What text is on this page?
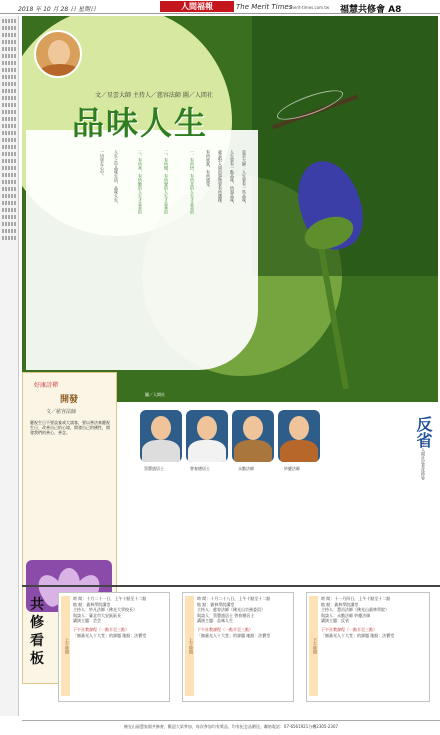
2018 年 10 月 28 日 星期日	人間福報	The Merit Times
merit-times.com.tw 福慧共修會 A8
文／星雲大師 主持人／慈容法師 圖／人間社
品味人生
圖／人間社
星雲大師：人生要有一些品味，
人生要有一點品味，所謂品味，
就是對人間的事物要有所選擇、
有所欣賞，有所感受。
一、有所悟，有所喜的人生才是美的
二、有所聞，有所覺的人生才是善的
三、有所善，有所勤的人生才是真的
人生之中品味生活，品味人生，
一切皆在心中。
好康詩禪
開發
文／慈容法師
慶祝生日不要設宴或大請客，要以善法來慶祝生日，改善自己的心境，開發自己的佛性，開發我們的善心、善念。
蔡豐盛居士	曾春德居士	永勤法師	妙慶法師
反省
文／人間社記者沈仲容
共
修
看
板
上午時間
時 間：十月二十一日，上午十點至十二點
地 點：叢林學院講堂
主持人：妙凡法師（佛光大學校長）
與談人：臺北市大安區區長
講演主題：芸芸
下午社教課程（一點半至三點）
「無量光人十大堂」的課題 地點：法寶堂
上午時間
時 間：十月二十八日，上午十點至十二點
地 點：叢林學院講堂
主持人：慈容法師（佛光山宗務委員）
與談人：蔡豐盛居士 曾春德居士
講演主題：品味人生
下午社教課程（一點半至三點）
「無量光人十大堂」的課題 地點：法寶堂
下午時間
時 間：十一月四日，上午十點至十二點
地 點：叢林學院講堂
主持人：慧昌法師（佛光山叢林學院）
與談人：永勤法師 妙慶法師
講演主題：反省
下午社教課程（一點半至三點）
「無量光人十大堂」的課題 地點：法寶堂
佛光山福慧家園共修會，歡迎大眾參加，每次參加均有獎品，均有紀念品贈送，聯絡電話：07-6561921分機2305-2307
